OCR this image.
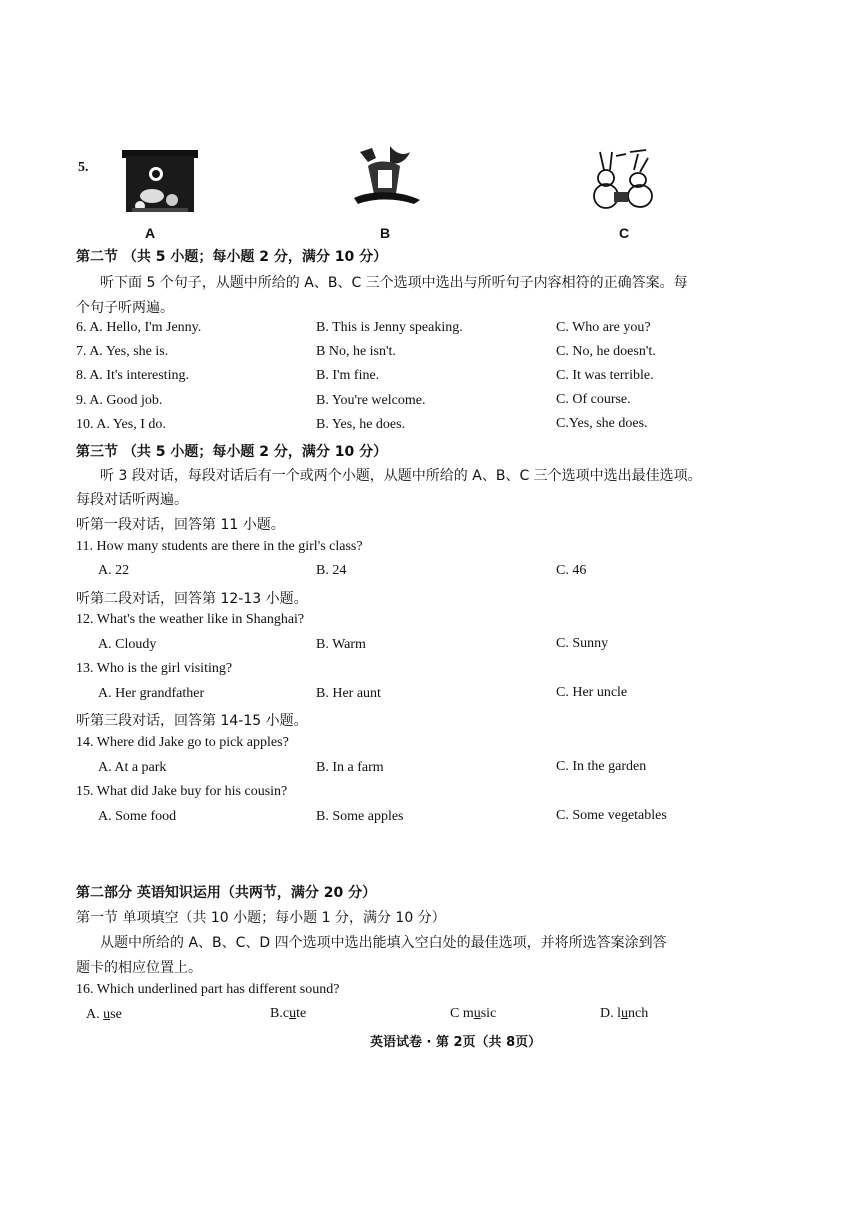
5.
A	B	C
第二节 （共 5 小题；每小题 2 分，满分 10 分）
听下面 5 个句子，从题中所给的 A、B、C 三个选项中选出与所听句子内容相符的正确答案。每
个句子听两遍。
6. A. Hello, I'm Jenny.	B. This is Jenny speaking.	C. Who are you?
7. A. Yes, she is.	B No, he isn't.	C. No, he doesn't.
8. A. It's interesting.	B. I'm fine.	C. It was terrible.
9. A. Good job.	B. You're welcome.	C. Of course.
10. A. Yes, I do.	B. Yes, he does.	C.Yes, she does.
第三节 （共 5 小题；每小题 2 分，满分 10 分）
听 3 段对话，每段对话后有一个或两个小题，从题中所给的 A、B、C 三个选项中选出最佳选项。
每段对话听两遍。
听第一段对话，回答第 11 小题。
11. How many students are there in the girl's class?
A. 22	B. 24	C. 46
听第二段对话，回答第 12-13 小题。
12. What's the weather like in Shanghai?
A. Cloudy	B. Warm	C. Sunny
13. Who is the girl visiting?
A. Her grandfather	B. Her aunt	C. Her uncle
听第三段对话，回答第 14-15 小题。
14. Where did Jake go to pick apples?
A. At a park	B. In a farm	C. In the garden
15. What did Jake buy for his cousin?
A. Some food	B. Some apples	C. Some vegetables
第二部分 英语知识运用（共两节，满分 20 分）
第一节 单项填空（共 10 小题；每小题 1 分，满分 10 分）
从题中所给的 A、B、C、D 四个选项中选出能填入空白处的最佳选项，并将所选答案涂到答
题卡的相应位置上。
16. Which underlined part has different sound?
A. use	B.cute	C music	D. lunch
英语试卷 · 第 2页（共 8页）
